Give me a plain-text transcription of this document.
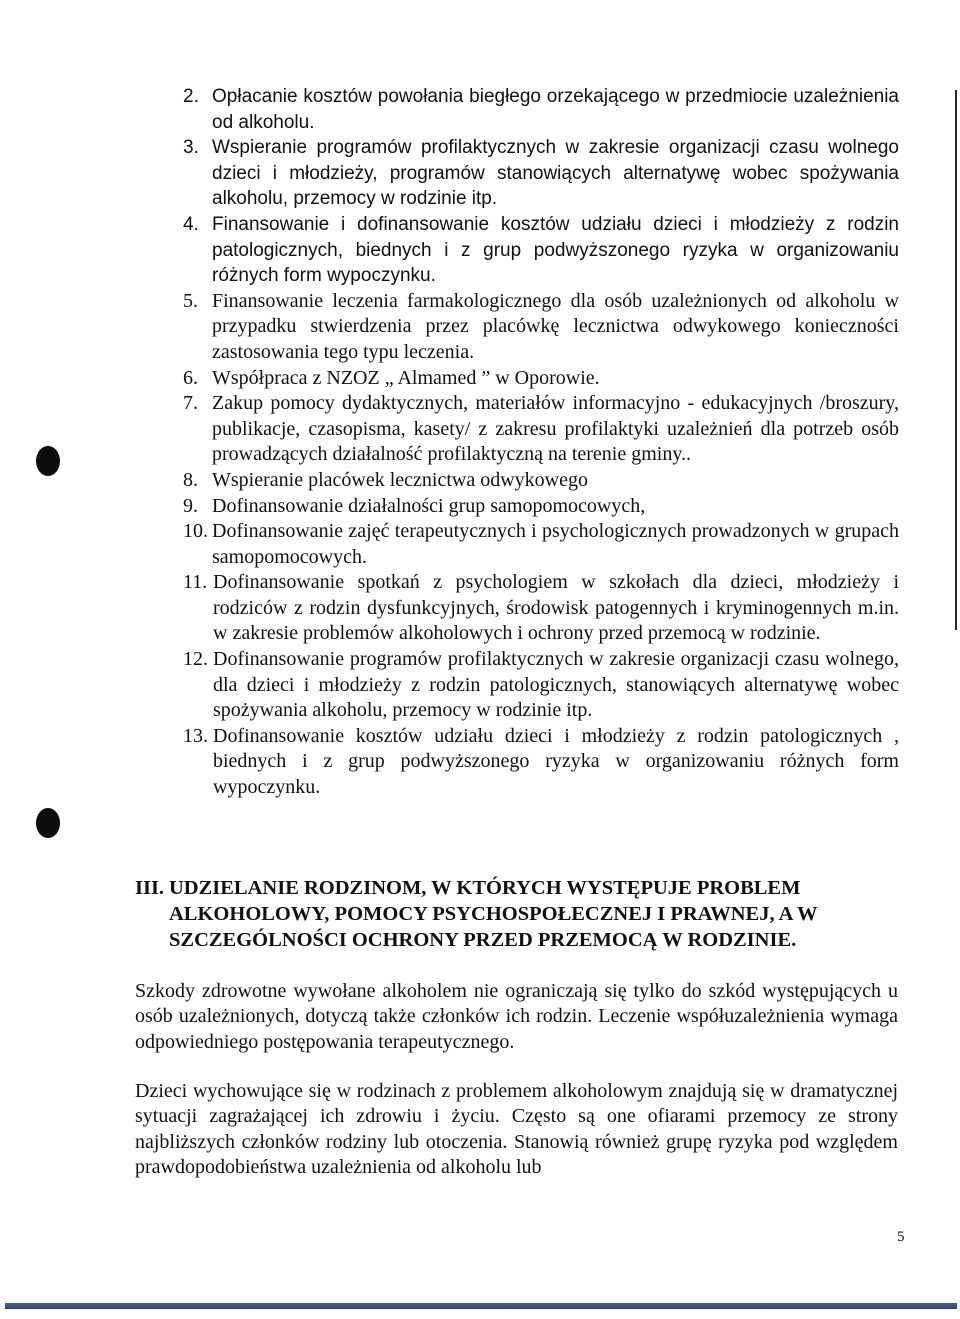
2. Opłacanie kosztów powołania biegłego orzekającego w przedmiocie uzależnienia od alkoholu.
3. Wspieranie programów profilaktycznych w zakresie organizacji czasu wolnego dzieci i młodzieży, programów stanowiących alternatywę wobec spożywania alkoholu, przemocy w rodzinie itp.
4. Finansowanie i dofinansowanie kosztów udziału dzieci i młodzieży z rodzin patologicznych, biednych i z grup podwyższonego ryzyka w organizowaniu różnych form wypoczynku.
5. Finansowanie leczenia farmakologicznego dla osób uzależnionych od alkoholu w przypadku stwierdzenia przez placówkę lecznictwa odwykowego konieczności zastosowania tego typu leczenia.
6. Współpraca z NZOZ „ Almamed ” w Oporowie.
7. Zakup pomocy dydaktycznych, materiałów informacyjno - edukacyjnych /broszury, publikacje, czasopisma, kasety/ z zakresu profilaktyki uzależnień dla potrzeb osób prowadzących działalność profilaktyczną na terenie gminy..
8. Wspieranie placówek lecznictwa odwykowego
9. Dofinansowanie działalności grup samopomocowych,
10. Dofinansowanie zajęć terapeutycznych i psychologicznych prowadzonych w grupach samopomocowych.
11. Dofinansowanie spotkań z psychologiem w szkołach dla dzieci, młodzieży i rodziców z rodzin dysfunkcyjnych, środowisk patogennych i kryminogennych m.in. w zakresie problemów alkoholowych i ochrony przed przemocą w rodzinie.
12. Dofinansowanie programów profilaktycznych w zakresie organizacji czasu wolnego, dla dzieci i młodzieży z rodzin patologicznych, stanowiących alternatywę wobec spożywania alkoholu, przemocy w rodzinie itp.
13. Dofinansowanie kosztów udziału dzieci i młodzieży z rodzin patologicznych , biednych i z grup podwyższonego ryzyka w organizowaniu różnych form wypoczynku.
III. UDZIELANIE RODZINOM, W KTÓRYCH WYSTĘPUJE PROBLEM
ALKOHOLOWY, POMOCY PSYCHOSPOŁECZNEJ I PRAWNEJ, A W
SZCZEGÓLNOŚCI OCHRONY PRZED PRZEMOCĄ W RODZINIE.

Szkody zdrowotne wywołane alkoholem nie ograniczają się tylko do szkód występujących u osób uzależnionych, dotyczą także członków ich rodzin. Leczenie współuzależnienia wymaga odpowiedniego postępowania terapeutycznego.

Dzieci wychowujące się w rodzinach z problemem alkoholowym znajdują się w dramatycznej sytuacji zagrażającej ich zdrowiu i życiu. Często są one ofiarami przemocy ze strony najbliższych członków rodziny lub otoczenia. Stanowią również grupę ryzyka pod względem prawdopodobieństwa uzależnienia od alkoholu lub

5
